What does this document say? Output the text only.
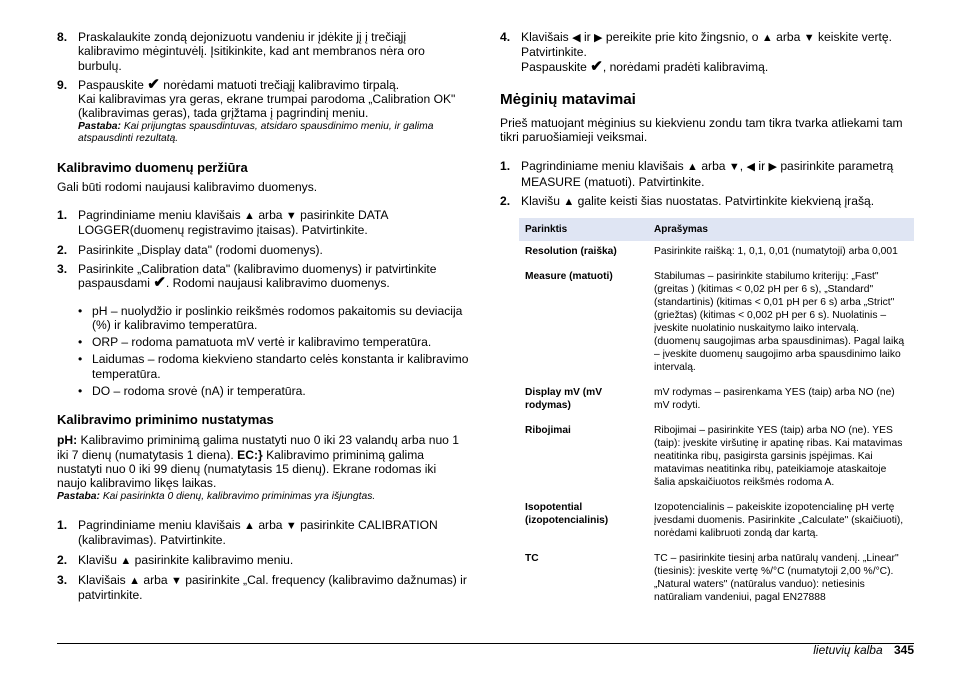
8. Praskalaukite zondą dejonizuotu vandeniu ir įdėkite jį į trečiąjį kalibravimo mėgintuvėlį. Įsitikinkite, kad ant membranos nėra oro burbulų.
9. Paspauskite ✔ norėdami matuoti trečiąjį kalibravimo tirpalą.
Kai kalibravimas yra geras, ekrane trumpai parodoma „Calibration OK" (kalibravimas geras), tada grįžtama į pagrindinį meniu.
Pastaba: Kai prijungtas spausdintuvas, atsidaro spausdinimo meniu, ir galima atspausdinti rezultatą.
Kalibravimo duomenų peržiūra
Gali būti rodomi naujausi kalibravimo duomenys.
1. Pagrindiniame meniu klavišais ▲ arba ▼ pasirinkite DATA LOGGER(duomenų registravimo įtaisas). Patvirtinkite.
2. Pasirinkite „Display data" (rodomi duomenys).
3. Pasirinkite „Calibration data" (kalibravimo duomenys) ir patvirtinkite paspausdami ✔. Rodomi naujausi kalibravimo duomenys.
• pH – nuolydžio ir poslinkio reikšmės rodomos pakaitomis su deviacija (%) ir kalibravimo temperatūra.
• ORP – rodoma pamatuota mV vertė ir kalibravimo temperatūra.
• Laidumas – rodoma kiekvieno standarto celės konstanta ir kalibravimo temperatūra.
• DO – rodoma srovė (nA) ir temperatūra.
Kalibravimo priminimo nustatymas
pH: Kalibravimo priminimą galima nustatyti nuo 0 iki 23 valandų arba nuo 1 iki 7 dienų (numatytasis 1 diena). EC:} Kalibravimo priminimą galima nustatyti nuo 0 iki 99 dienų (numatytasis 15 dienų). Ekrane rodomas iki naujo kalibravimo likęs laikas.
Pastaba: Kai pasirinkta 0 dienų, kalibravimo priminimas yra išjungtas.
1. Pagrindiniame meniu klavišais ▲ arba ▼ pasirinkite CALIBRATION (kalibravimas). Patvirtinkite.
2. Klavišu ▲ pasirinkite kalibravimo meniu.
3. Klavišais ▲ arba ▼ pasirinkite „Cal. frequency (kalibravimo dažnumas) ir patvirtinkite.
4. Klavišais ◀ ir ▶ pereikite prie kito žingsnio, o ▲ arba ▼ keiskite vertę. Patvirtinkite.
Paspauskite ✔, norėdami pradėti kalibravimą.
Mėginių matavimai
Prieš matuojant mėginius su kiekvienu zondu tam tikra tvarka atliekami tam tikri paruošiamieji veiksmai.
1. Pagrindiniame meniu klavišais ▲ arba ▼, ◀ ir ▶ pasirinkite parametrą MEASURE (matuoti). Patvirtinkite.
2. Klavišu ▲ galite keisti šias nuostatas. Patvirtinkite kiekvieną įrašą.
Parinktis	Aprašymas
Resolution (raiška)	Pasirinkite raišką: 1, 0,1, 0,01 (numatytoji) arba 0,001
Measure (matuoti)	Stabilumas – pasirinkite stabilumo kriterijų: „Fast" (greitas ) (kitimas < 0,02 pH per 6 s), „Standard" (standartinis) (kitimas < 0,01 pH per 6 s) arba „Strict" (griežtas) (kitimas < 0,002 pH per 6 s). Nuolatinis – įveskite nuolatinio nuskaitymo laiko intervalą. (duomenų saugojimas arba spausdinimas). Pagal laiką – įveskite duomenų saugojimo arba spausdinimo laiko intervalą.
Display mV (mV rodymas)	mV rodymas – pasirenkama YES (taip) arba NO (ne) mV rodyti.
Ribojimai	Ribojimai – pasirinkite YES (taip) arba NO (ne). YES (taip): įveskite viršutinę ir apatinę ribas. Kai matavimas neatitinka ribų, pasigirsta garsinis įspėjimas. Kai matavimas neatitinka ribų, pateikiamoje ataskaitoje šalia apskaičiuotos reikšmės rodoma A.
Isopotential (izopotencialinis)	Izopotencialinis – pakeiskite izopotencialinę pH vertę įvesdami duomenis. Pasirinkite „Calculate" (skaičiuoti), norėdami kalibruoti zondą dar kartą.
TC	TC – pasirinkite tiesinį arba natūralų vandenį. „Linear" (tiesinis): įveskite vertę %/°C (numatytoji 2,00 %/°C). „Natural waters" (natūralus vanduo): netiesinis natūraliam vandeniui, pagal EN27888
lietuvių kalba 345
